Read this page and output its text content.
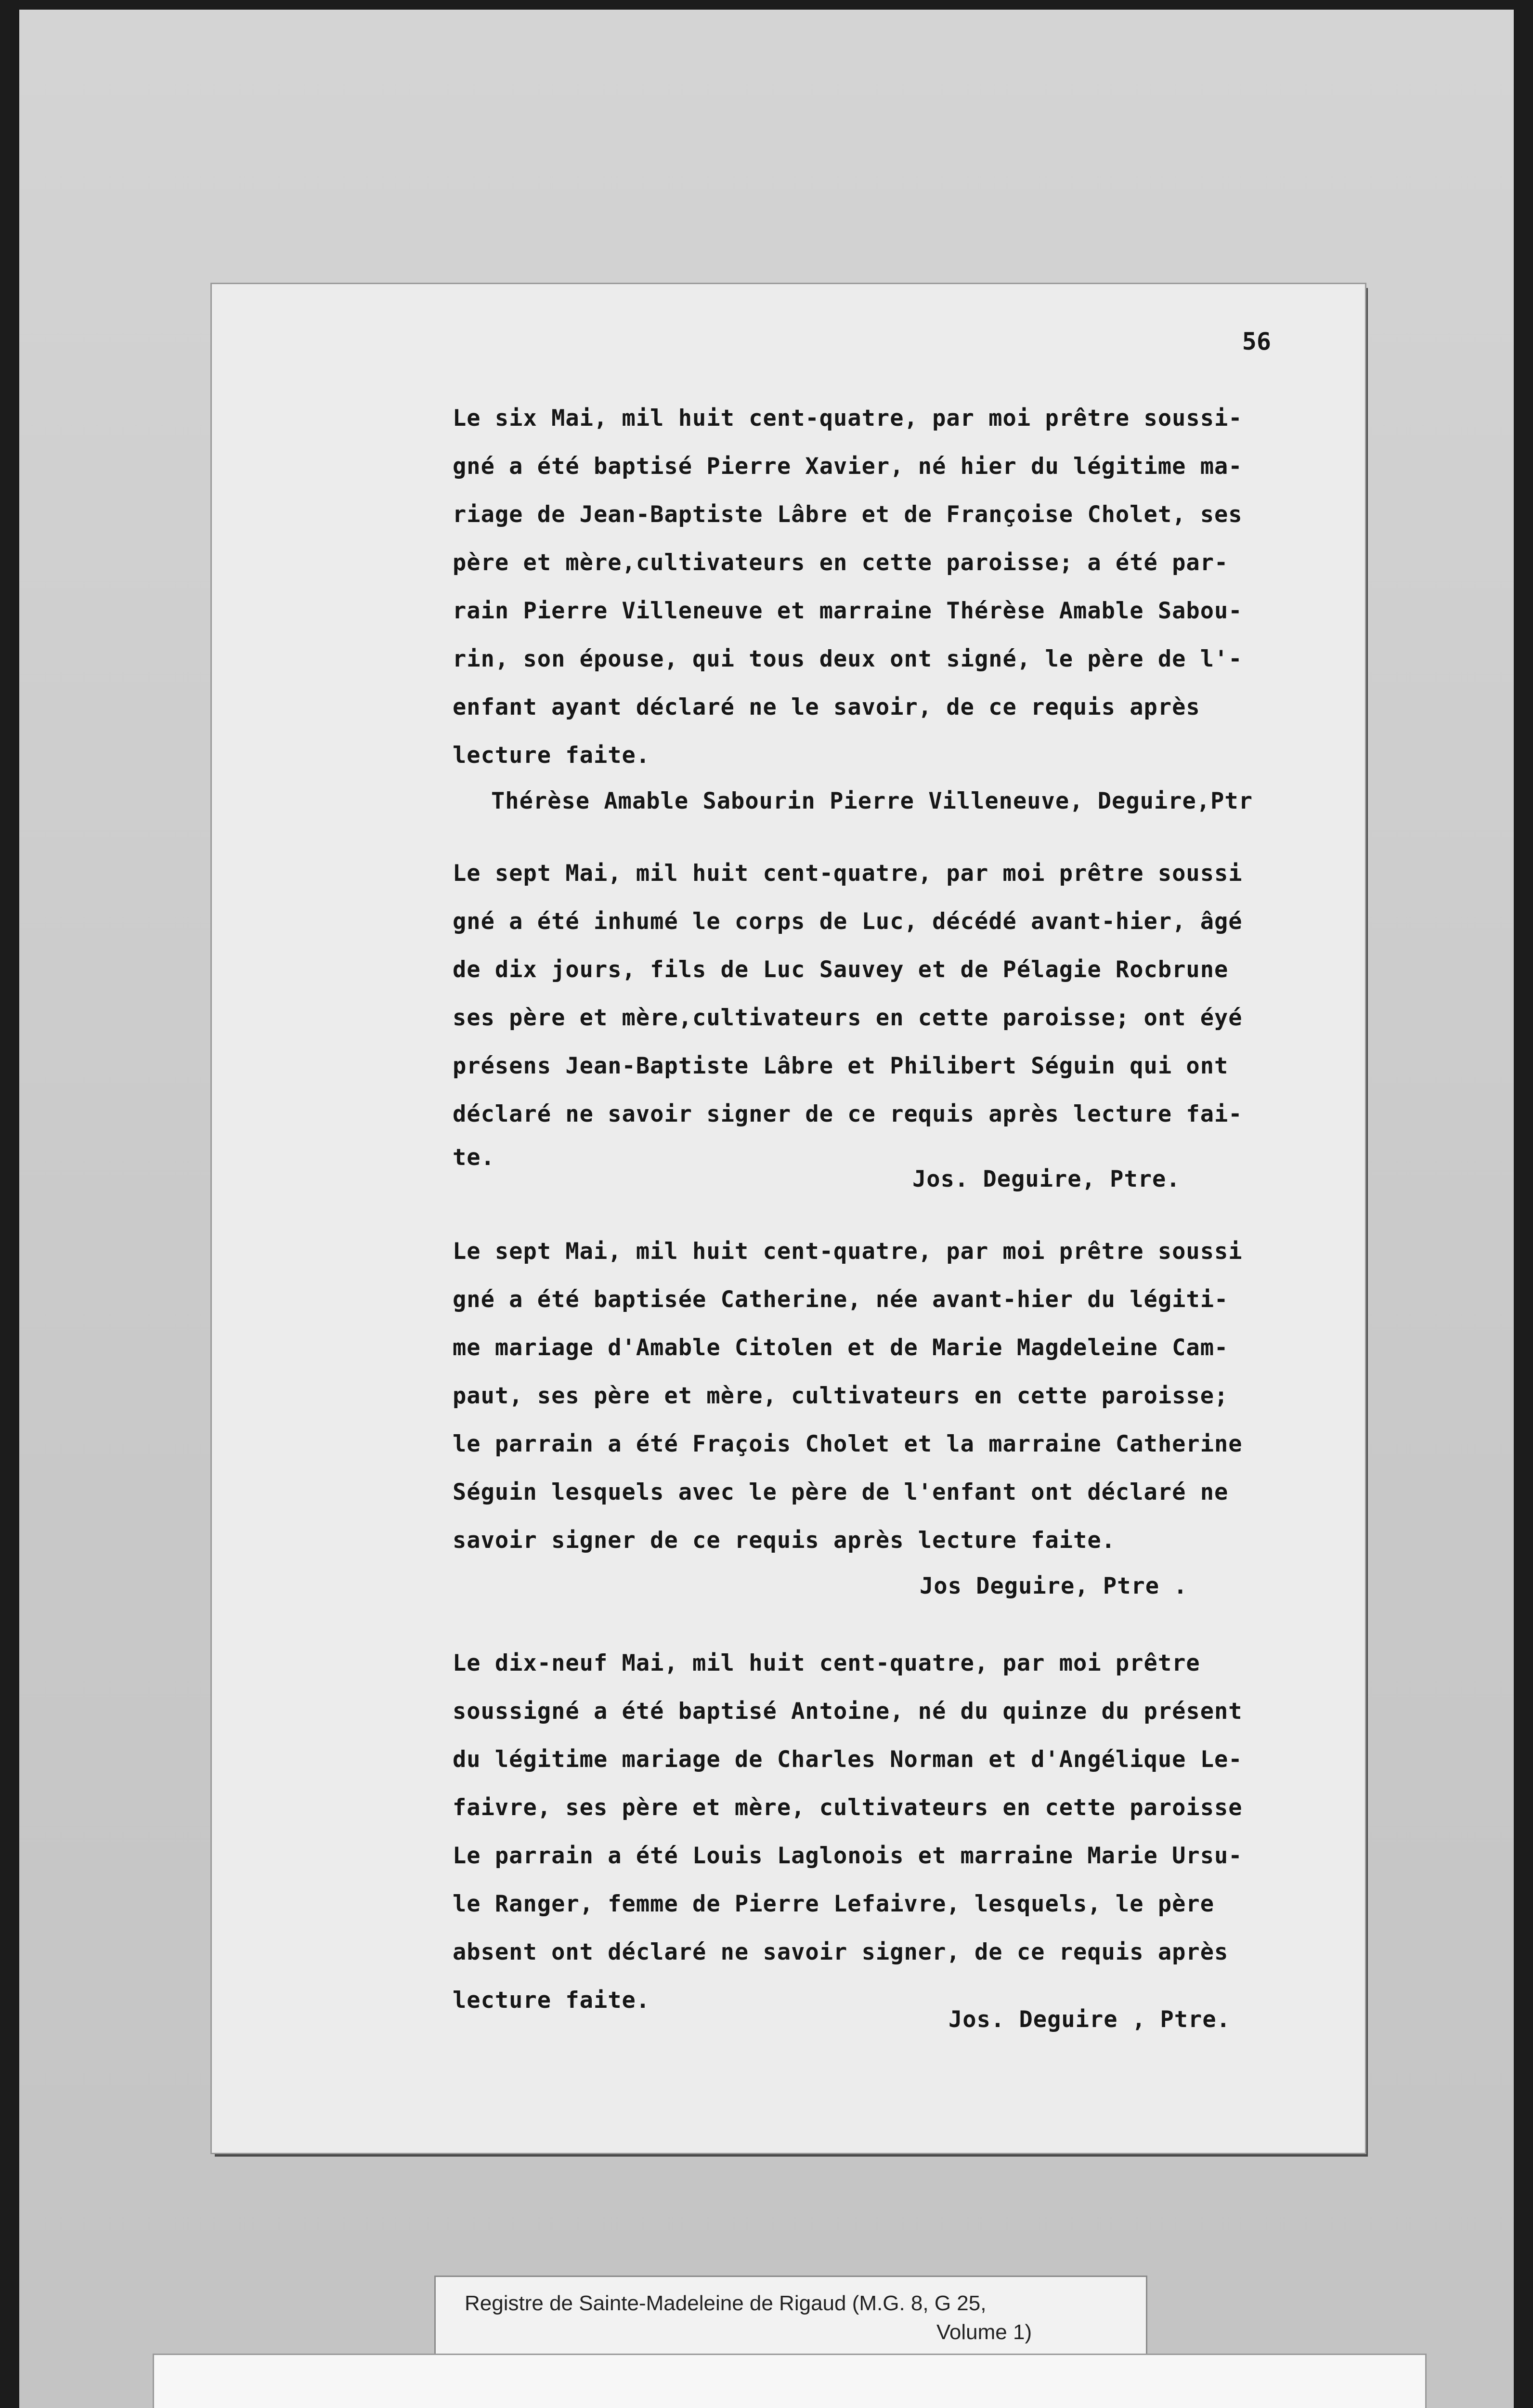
56

Le six Mai, mil huit cent-quatre, par moi prêtre soussi-

gné a été baptisé Pierre Xavier, né hier du légitime ma-

riage de Jean-Baptiste Lâbre et de Françoise Cholet, ses

père et mère,cultivateurs en cette paroisse; a été par-

rain Pierre Villeneuve et marraine Thérèse Amable Sabou-

rin, son épouse, qui tous deux ont signé, le père de l'-

enfant ayant déclaré ne le savoir, de ce requis après

lecture faite.

Thérèse Amable Sabourin Pierre Villeneuve, Deguire,Ptr

Le sept Mai, mil huit cent-quatre, par moi prêtre soussi

gné a été inhumé le corps de Luc, décédé avant-hier, âgé

de dix jours, fils de Luc Sauvey et de Pélagie Rocbrune

ses père et mère,cultivateurs en cette paroisse; ont éyé

présens Jean-Baptiste Lâbre et Philibert Séguin qui ont

déclaré ne savoir signer de ce requis après lecture fai-

te.

Jos. Deguire, Ptre.

Le sept Mai, mil huit cent-quatre, par moi prêtre soussi

gné a été baptisée Catherine, née avant-hier du légiti-

me mariage d'Amable Citolen et de Marie Magdeleine Cam-

paut, ses père et mère, cultivateurs en cette paroisse;

le parrain a été Fraçois Cholet et la marraine Catherine

Séguin lesquels avec le père de l'enfant ont déclaré ne

savoir signer de ce requis après lecture faite.

Jos Deguire, Ptre .

Le dix-neuf Mai, mil huit cent-quatre, par moi prêtre

soussigné a été baptisé Antoine, né du quinze du présent

du légitime mariage de Charles Norman et d'Angélique Le-

faivre, ses père et mère, cultivateurs en cette paroisse

Le parrain a été Louis Laglonois et marraine Marie Ursu-

le Ranger, femme de Pierre Lefaivre, lesquels, le père

absent ont déclaré ne savoir signer, de ce requis après

lecture faite.

Jos. Deguire , Ptre.

Registre de Sainte-Madeleine de Rigaud (M.G. 8, G 25,

Volume 1)
